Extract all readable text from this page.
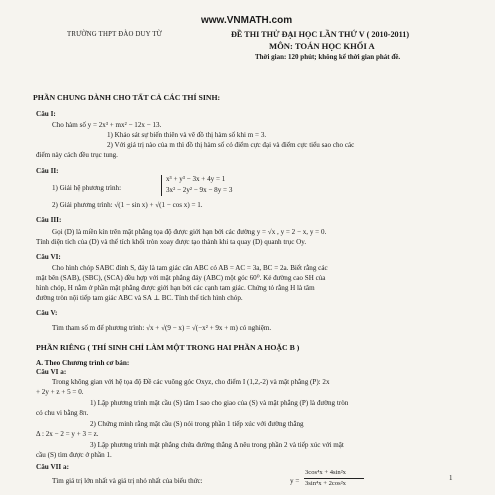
www.VNMATH.com
TRƯỜNG THPT ĐÀO DUY TỪ	ĐỀ THI THỬ ĐẠI HỌC LẦN THỨ V ( 2010-2011)
MÔN: TOÁN HỌC KHỐI A
Thời gian: 120 phút; không kể thời gian phát đề.
PHẦN CHUNG DÀNH CHO TẤT CẢ CÁC THÍ SINH:
Câu I:
Cho hàm số y = 2x³ + mx² − 12x − 13.
1) Khảo sát sự biến thiên và vẽ đồ thị hàm số khi m = 3.
2) Với giá trị nào của m thì đồ thị hàm số có điểm cực đại và điểm cực tiểu sao cho các
điểm này cách đều trục tung.
Câu II:
1) Giải hệ phương trình:
x³ + y³ − 3x + 4y = 1
3x² − 2y² − 9x − 8y = 3
2) Giải phương trình: √(1 − sin x) + √(1 − cos x) = 1.
Câu III:
Gọi (D) là miền kín trên mặt phẳng tọa độ được giới hạn bởi các đường y = √x , y = 2 − x, y = 0.
Tính diện tích của (D) và thể tích khối tròn xoay được tạo thành khi ta quay (D) quanh trục Oy.
Câu VI:
Cho hình chóp SABC đỉnh S, đáy là tam giác cân ABC có AB = AC = 3a, BC = 2a. Biết rằng các
mặt bên (SAB), (SBC), (SCA) đều hợp với mặt phẳng đáy (ABC) một góc 60⁰. Kẻ đường cao SH của
hình chóp, H nằm ở phần mặt phẳng được giới hạn bởi các cạnh tam giác. Chứng tỏ rằng H là tâm
đường tròn nội tiếp tam giác ABC và SA ⊥ BC. Tính thể tích hình chóp.
Câu V:
Tìm tham số m để phương trình: √x + √(9 − x) = √(−x² + 9x + m) có nghiệm.
PHẦN RIÊNG ( THÍ SINH CHỈ LÀM MỘT TRONG HAI PHẦN A HOẶC B )
A. Theo Chương trình cơ bản:
Câu VI a:
Trong không gian với hệ tọa độ Đề các vuông góc Oxyz, cho điểm I (1,2,-2) và mặt phẳng (P): 2x
+ 2y + z + 5 = 0.
1) Lập phương trình mặt cầu (S) tâm I sao cho giao của (S) và mặt phẳng (P) là đường tròn
có chu vi bằng 8π.
2) Chứng minh rằng mặt cầu (S) nói trong phần 1 tiếp xúc với đường thẳng
Δ : 2x − 2 = y + 3 = z.
3) Lập phương trình mặt phẳng chứa đường thẳng Δ nêu trong phần 2 và tiếp xúc với mặt
cầu (S) tìm được ở phần 1.
Câu VII a:
Tìm giá trị lớn nhất và giá trị nhỏ nhất của biểu thức:	y =
3cos⁴x + 4sin²x
3sin⁴x + 2cos²x
1
